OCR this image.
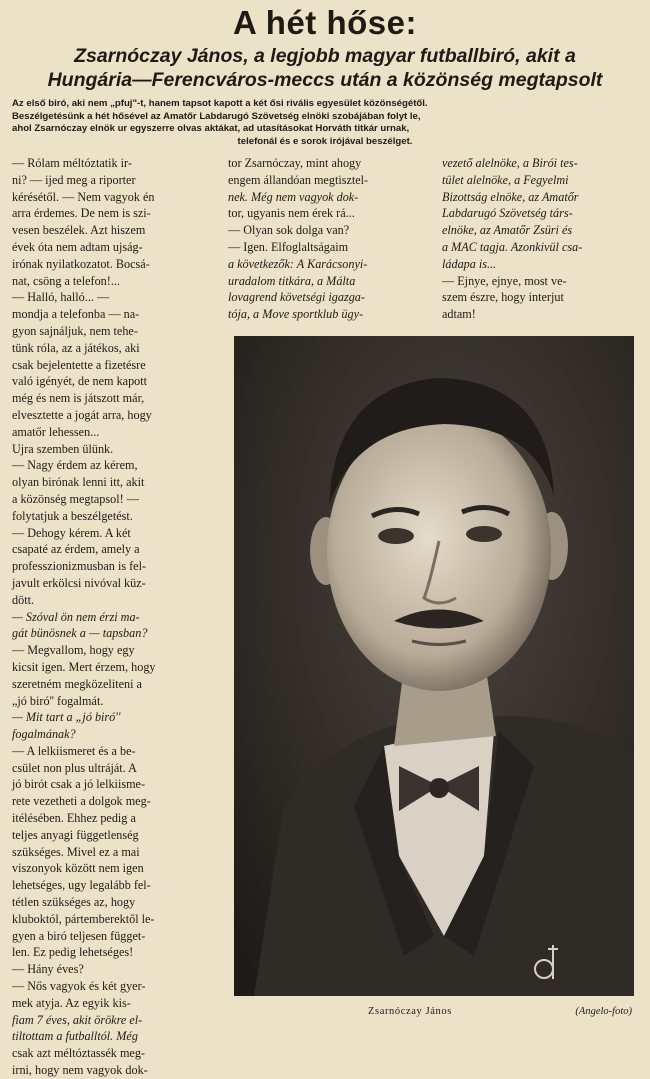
A hét hőse:
Zsarnóczay János, a legjobb magyar futballbiró, akit a
Hungária—Ferencváros-meccs után a közönség megtapsolt
Az első biró, aki nem „pfuj"-t, hanem tapsot kapott a két ősi rivális egyesület közönségétől.
Beszélgetésünk a hét hősével az Amatőr Labdarugó Szövetség elnöki szobájában folyt le,
ahol Zsarnóczay elnök ur egyszerre olvas aktákat, ad utasításokat Horváth titkár urnak,
telefonál és e sorok irójával beszélget.
— Rólam méltóztatik ir-
ni? — ijed meg a riporter
kérésétől. — Nem vagyok én
arra érdemes. De nem is szi-
vesen beszélek. Azt hiszem
évek óta nem adtam ujság-
irónak nyilatkozatot. Bocsá-
nat, csöng a telefon!...
— Halló, halló... —
mondja a telefonba — na-
gyon sajnáljuk, nem tehe-
tünk róla, az a játékos, aki
csak bejelentette a fizetésre
való igényét, de nem kapott
még és nem is játszott már,
elvesztette a jogát arra, hogy
amatőr lehessen...
Ujra szemben ülünk.
— Nagy érdem az kérem,
olyan birónak lenni itt, akit
a közönség megtapsol! —
folytatjuk a beszélgetést.
— Dehogy kérem. A két
csapaté az érdem, amely a
professzionizmusban is fel-
javult erkölcsi nivóval küz-
dött.
— Szóval ön nem érzi ma-
gát bünösnek a — tapsban?
— Megvallom, hogy egy
kicsit igen. Mert érzem, hogy
szeretném megközeliteni a
„jó biró'' fogalmát.
— Mit tart a „jó biró''
fogalmának?
— A lelkiismeret és a be-
csület non plus ultráját. A
jó birót csak a jó lelkiisme-
rete vezetheti a dolgok meg-
itélésében. Ehhez pedig a
teljes anyagi függetlenség
szükséges. Mivel ez a mai
viszonyok között nem igen
lehetséges, ugy legalább fel-
tétlen szükséges az, hogy
kluboktól, pártemberektől le-
gyen a biró teljesen függet-
len. Ez pedig lehetséges!
— Hány éves?
— Nős vagyok és két gyer-
mek atyja. Az egyik kis-
fiam 7 éves, akit örökre el-
tiltottam a futballtól. Még
csak azt méltóztassék meg-
irni, hogy nem vagyok dok-
tor Zsarnóczay, mint ahogy
engem állandóan megtisztel-
nek. Még nem vagyok dok-
tor, ugyanis nem érek rá...
— Olyan sok dolga van?
— Igen. Elfoglaltságaim
a következők: A Karácsonyi-
uradalom titkára, a Málta
lovagrend követségi igazga-
tója, a Move sportklub ügy-
vezető alelnöke, a Birói tes-
tület alelnöke, a Fegyelmi
Bizottság elnöke, az Amatőr
Labdarugó Szövetség társ-
elnöke, az Amatőr Zsüri és
a MAC tagja. Azonkivül csa-
ládapa is...
— Ejnye, ejnye, most ve-
szem észre, hogy interjut
adtam!
Zsarnóczay János	(Angelo-foto)
